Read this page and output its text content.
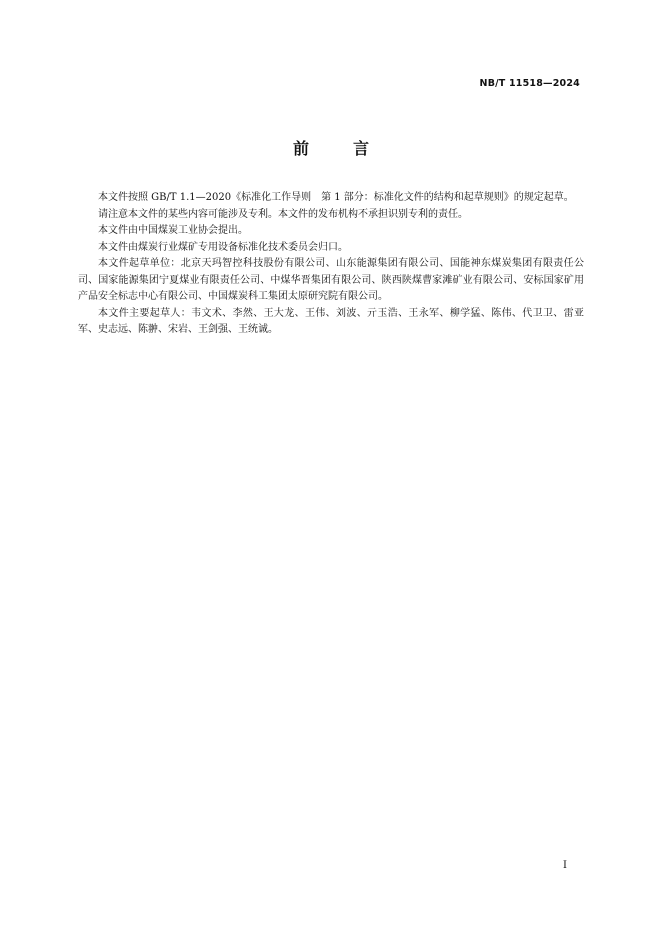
NB/T 11518—2024
前	言

本文件按照 GB/T 1.1—2020《标准化工作导则　第 1 部分：标准化文件的结构和起草规则》的规定起草。

请注意本文件的某些内容可能涉及专利。本文件的发布机构不承担识别专利的责任。

本文件由中国煤炭工业协会提出。

本文件由煤炭行业煤矿专用设备标准化技术委员会归口。

本文件起草单位：北京天玛智控科技股份有限公司、山东能源集团有限公司、国能神东煤炭集团有限责任公司、国家能源集团宁夏煤业有限责任公司、中煤华晋集团有限公司、陕西陕煤曹家滩矿业有限公司、安标国家矿用产品安全标志中心有限公司、中国煤炭科工集团太原研究院有限公司。

本文件主要起草人：韦文术、李然、王大龙、王伟、刘波、亓玉浩、王永军、柳学猛、陈伟、代卫卫、雷亚军、史志远、陈翀、宋岩、王剑强、王统诚。

I
